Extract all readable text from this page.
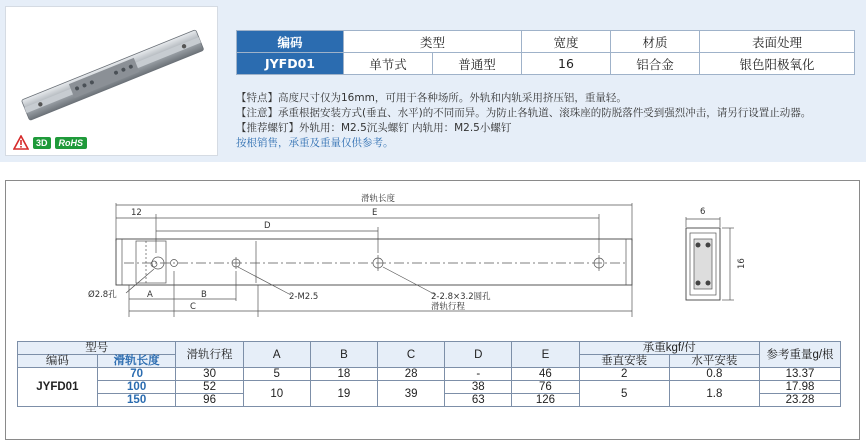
3D	RoHS
编码	类型		宽度	材质	表面处理
JYFD01	单节式	普通型	16	铝合金	银色阳极氧化
【特点】高度尺寸仅为16mm，可用于各种场所。外轨和内轨采用挤压铝，重量轻。
【注意】承重根据安装方式(垂直、水平)的不同而异。为防止各轨道、滚珠座的防脱落件受到强烈冲击，请另行设置止动器。
【推荐螺钉】外轨用：M2.5沉头螺钉 内轨用：M2.5小螺钉
按根销售，承重及重量仅供参考。
滑轨长度
12	E
D
A	B
C
Ø2.8孔	2-M2.5	2-2.8×3.2圆孔
滑轨行程
6
16
型号		滑轨行程	A	B	C	D	E	承重kgf/付		参考重量g/根
编码	滑轨长度							垂直安装	水平安装	
JYFD01	70	30	5	18	28	-	46	2	0.8	13.37
	100	52	10	19	39	38	76	5	1.8	17.98
	150	96				63	126			23.28
